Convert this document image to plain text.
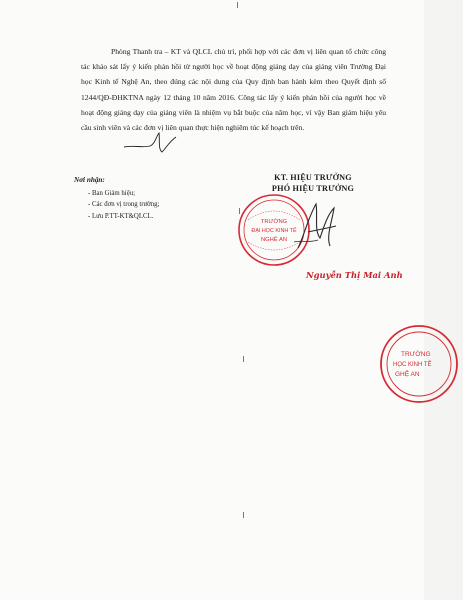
Phòng Thanh tra – KT và QLCL chủ trì, phối hợp với các đơn vị liên quan tổ chức công tác khảo sát lấy ý kiến phản hồi từ người học về hoạt động giảng dạy của giảng viên Trường Đại học Kinh tế Nghệ An, theo đúng các nội dung của Quy định ban hành kèm theo Quyết định số 1244/QĐ-ĐHKTNA ngày 12 tháng 10 năm 2016. Công tác lấy ý kiến phản hồi của người học về hoạt động giảng dạy của giảng viên là nhiệm vụ bắt buộc của năm học, vì vậy Ban giám hiệu yêu cầu sinh viên và các đơn vị liên quan thực hiện nghiêm túc kế hoạch trên.

Nơi nhận:
- Ban Giám hiệu;
- Các đơn vị trong trường;
- Lưu P.TT-KT&QLCL.
KT. HIỆU TRƯỞNG
PHÓ HIỆU TRƯỞNG
TRƯỜNG
ĐẠI HỌC KINH TẾ
NGHỆ AN
Nguyễn Thị Mai Anh
TRƯỜNG
HỌC KINH TẾ
GHỆ AN
